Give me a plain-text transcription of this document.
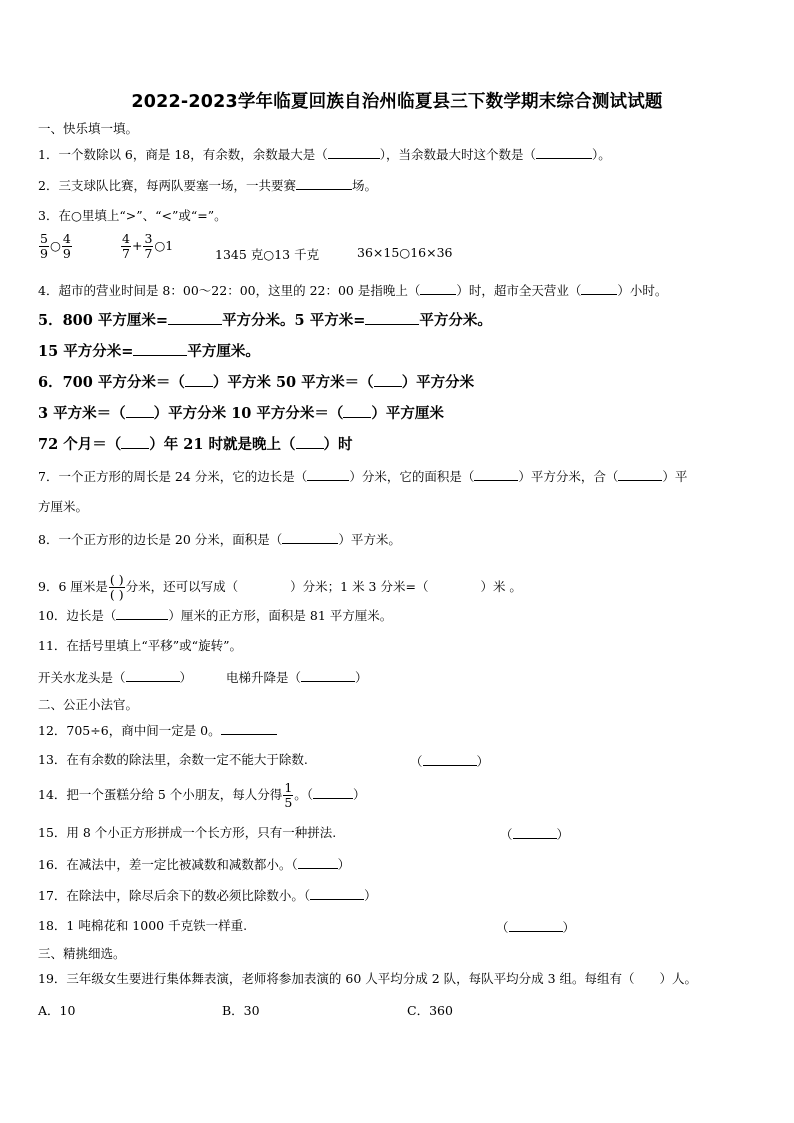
2022-2023学年临夏回族自治州临夏县三下数学期末综合测试试题
一、快乐填一填。
1．一个数除以 6，商是 18，有余数，余数最大是（	），当余数最大时这个数是（	）。
2．三支球队比赛，每两队要塞一场，一共要赛	场。
3．在○里填上“>”、“<”或“=”。
$\frac{5}{9}$ ○ $\frac{4}{9}$	$\frac{4}{7} + \frac{3}{7}$ ○1
1345 克○13 千克	36×15○16×36
4．超市的营业时间是 8：00～22：00，这里的 22：00 是指晚上（	）时，超市全天营业（	）小时。
5．800 平方厘米=	平方分米。5 平方米=	平方分米。
15 平方分米=	平方厘米。
6．700 平方分米＝（ ）平方米 50 平方米＝（ ）平方分米
3 平方米＝（ ）平方分米 10 平方分米＝（ ）平方厘米
72 个月＝（ ）年 21 时就是晚上（ ）时
7．一个正方形的周长是 24 分米，它的边长是（	）分米，它的面积是（	）平方分米，合（	）平
方厘米。
8．一个正方形的边长是 20 分米，面积是（	）平方米。
9．6 厘米是 $\frac{( )}{( )}$ 分米，还可以写成（	）分米；1 米 3 分米=（	）米 。
10．边长是（	）厘米的正方形，面积是 81 平方厘米。
11．在括号里填上“平移”或“旋转”。
开关水龙头是（	）	电梯升降是（	）
二、公正小法官。
12．705÷6，商中间一定是 0。
13．在有余数的除法里，余数一定不能大于除数.	（	）
14．把一个蛋糕分给 5 个小朋友，每人分得 $\frac{1}{5}$ 。（	）
15．用 8 个小正方形拼成一个长方形，只有一种拼法.	（	）
16．在减法中，差一定比被减数和减数都小。（	）
17．在除法中，除尽后余下的数必须比除数小。（	）
18．1 吨棉花和 1000 千克铁一样重.	（	）
三、精挑细选。
19．三年级女生要进行集体舞表演，老师将参加表演的 60 人平均分成 2 队，每队平均分成 3 组。每组有（　　）人。
A．10	B．30	C．360
